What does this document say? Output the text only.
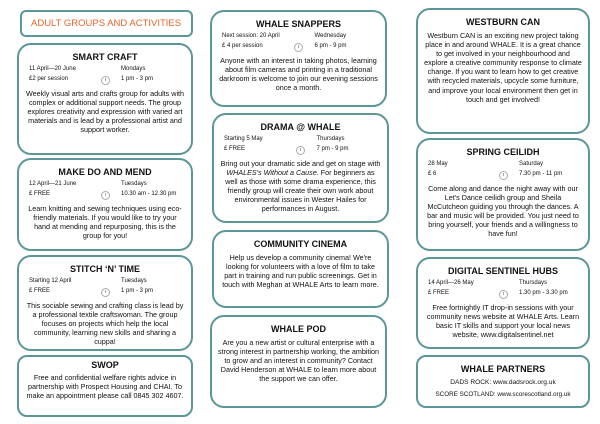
ADULT GROUPS AND ACTIVITIES
SMART CRAFT
11 April—20 June	Mondays
£2 per session	1 pm - 3 pm
Weekly visual arts and crafts group for adults with complex or additional support needs. The group explores creativity and expression with varied art materials and is lead by a professional artist and support worker.
MAKE DO AND MEND
12 April—21 June	Tuesdays
£ FREE	10.30 am - 12.30 pm
Learn knitting and sewing techniques using eco-friendly materials. If you would like to try your hand at mending and repurposing, this is the group for you!
STITCH ‘N’ TIME
Starting 12 April	Tuesdays
£ FREE	1 pm - 3 pm
This sociable sewing and crafting class is lead by a professional textile craftswoman. The group focuses on projects which help the local community, learning new skills and sharing a cuppa!
SWOP
Free and confidential welfare rights advice in partnership with Prospect Housing and CHAI. To make an appointment please call 0845 302 4607.
WHALE SNAPPERS
Next session: 20 April	Wednesday
£ 4 per session	6 pm - 9 pm
Anyone with an interest in taking photos, learning about film cameras and printing in a traditional darkroom is welcome to join our evening sessions once a month.
DRAMA @ WHALE
Starting 5 May	Thursdays
£ FREE	7 pm - 9 pm
Bring out your dramatic side and get on stage with WHALES's Without a Cause. For beginners as well as those with some drama experience, this friendly group will create their own work about environmental issues in Wester Hailes for performances in August.
COMMUNITY CINEMA
Help us develop a community cinema! We're looking for volunteers with a love of film to take part in training and run public screenings. Get in touch with Meghan at WHALE Arts to learn more.
WHALE POD
Are you a new artist or cultural enterprise with a strong interest in partnership working, the ambition to grow and an interest in community? Contact David Henderson at WHALE to learn more about the support we can offer.
WESTBURN CAN
Westburn CAN is an exciting new project taking place in and around WHALE. It is a great chance to get involved in your neighbourhood and explore a creative community response to climate change. If you want to learn how to get creative with recycled materials, upcycle some furniture, and improve your local environment then get in touch and get involved!
SPRING CEILIDH
28 May	Saturday
£ 6	7.30 pm - 11 pm
Come along and dance the night away with our Let's Dance ceilidh group and Sheila McCutcheon guiding you through the dances. A bar and music will be provided. You just need to bring yourself, your friends and a willingness to have fun!
DIGITAL SENTINEL HUBS
14 April—26 May	Thursdays
£ FREE	1.30 pm - 3.30 pm
Free fortnightly IT drop-in sessions with your community news website at WHALE Arts. Learn basic IT skills and support your local news website, www.digitalsentinel.net
WHALE PARTNERS
DADS ROCK: www.dadsrock.org.uk
SCORE SCOTLAND: www.scorescotland.org.uk
